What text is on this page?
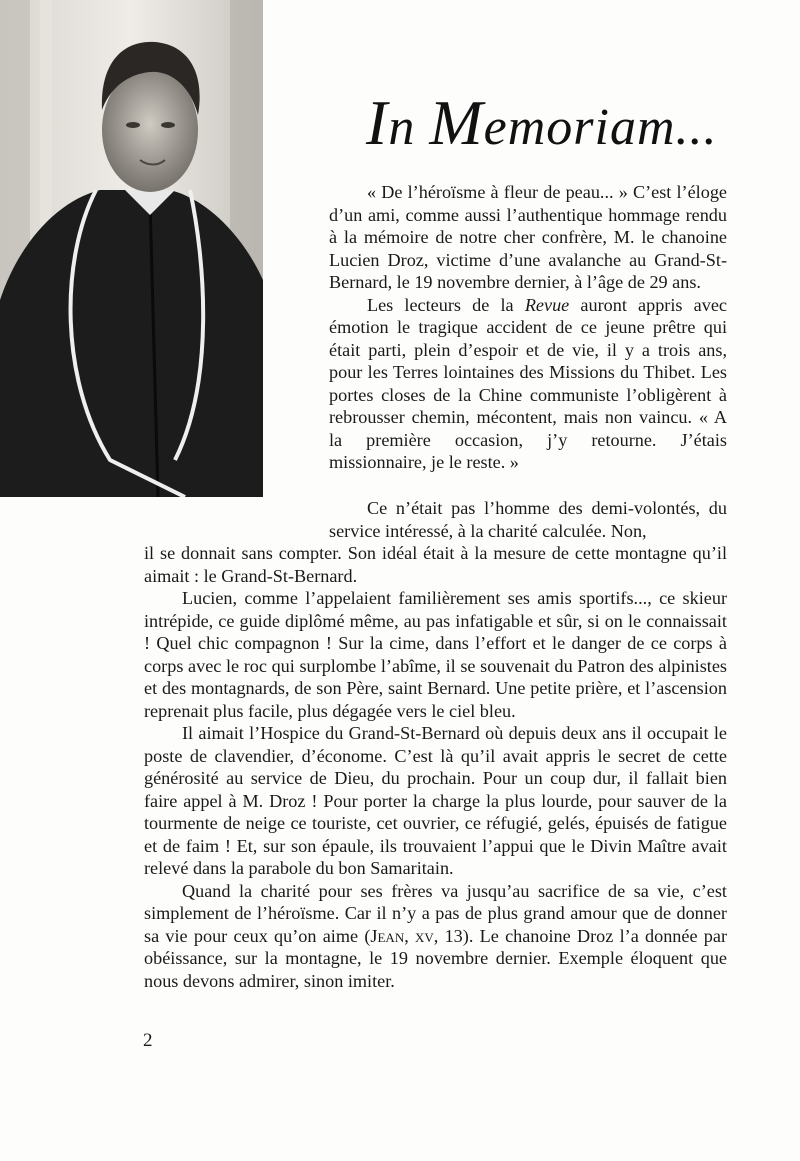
In Memoriam...

« De l’héroïsme à fleur de peau... » C’est l’éloge d’un ami, comme aussi l’authentique hommage rendu à la mémoire de notre cher confrère, M. le chanoine Lucien Droz, victime d’une avalanche au Grand-St-Bernard, le 19 novembre dernier, à l’âge de 29 ans.

Les lecteurs de la Revue auront appris avec émotion le tragique accident de ce jeune prêtre qui était parti, plein d’espoir et de vie, il y a trois ans, pour les Terres lointaines des Missions du Thibet. Les portes closes de la Chine communiste l’obligèrent à rebrousser chemin, mécontent, mais non vaincu. « A la première occasion, j’y retourne. J’étais missionnaire, je le reste. »

Ce n’était pas l’homme des demi-volontés, du service intéressé, à la charité calculée. Non,
il se donnait sans compter. Son idéal était à la mesure de cette montagne qu’il aimait : le Grand-St-Bernard.

Lucien, comme l’appelaient familièrement ses amis sportifs..., ce skieur intrépide, ce guide diplômé même, au pas infatigable et sûr, si on le connaissait ! Quel chic compagnon ! Sur la cime, dans l’effort et le danger de ce corps à corps avec le roc qui surplombe l’abîme, il se souvenait du Patron des alpinistes et des montagnards, de son Père, saint Bernard. Une petite prière, et l’ascension reprenait plus facile, plus dégagée vers le ciel bleu.

Il aimait l’Hospice du Grand-St-Bernard où depuis deux ans il occupait le poste de clavendier, d’économe. C’est là qu’il avait appris le secret de cette générosité au service de Dieu, du prochain. Pour un coup dur, il fallait bien faire appel à M. Droz ! Pour porter la charge la plus lourde, pour sauver de la tourmente de neige ce touriste, cet ouvrier, ce réfugié, gelés, épuisés de fatigue et de faim ! Et, sur son épaule, ils trouvaient l’appui que le Divin Maître avait relevé dans la parabole du bon Samaritain.

Quand la charité pour ses frères va jusqu’au sacrifice de sa vie, c’est simplement de l’héroïsme. Car il n’y a pas de plus grand amour que de donner sa vie pour ceux qu’on aime (Jean, xv, 13). Le chanoine Droz l’a donnée par obéissance, sur la montagne, le 19 novembre dernier. Exemple éloquent que nous devons admirer, sinon imiter.

2
